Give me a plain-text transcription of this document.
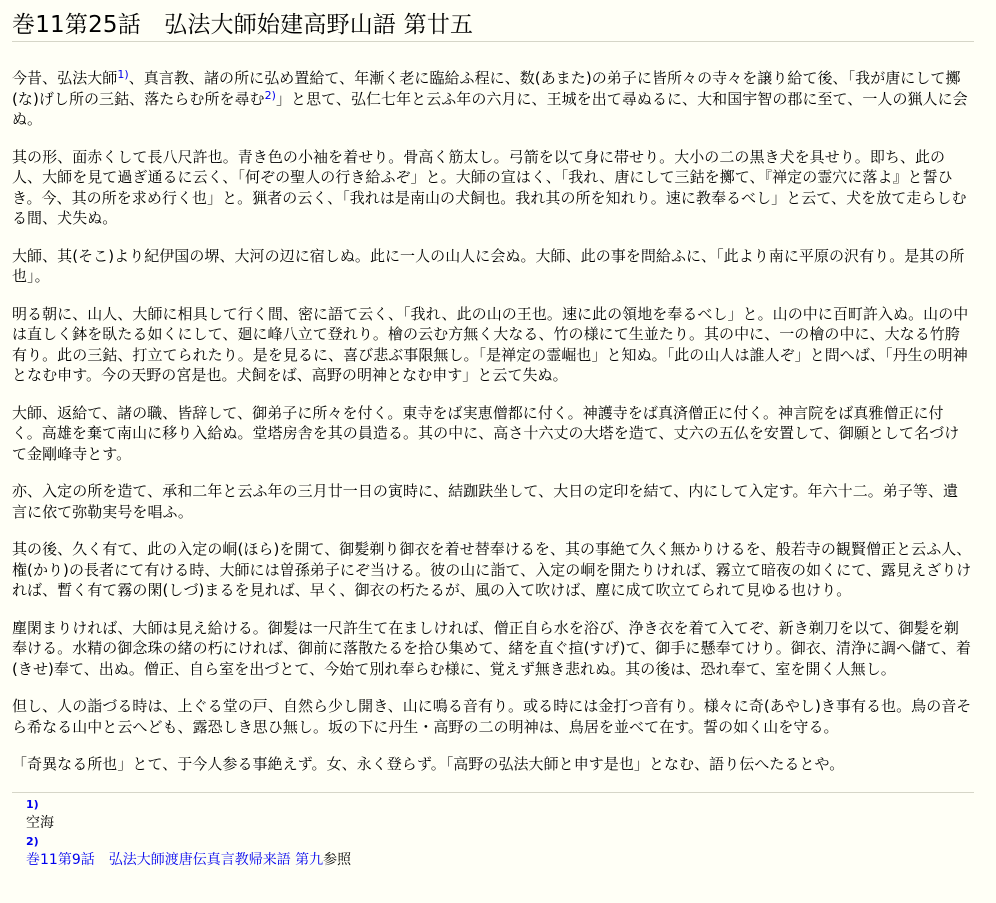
巻11第25話　弘法大師始建高野山語 第廿五

今昔、弘法大師$^{1)}$、真言教、諸の所に弘め置給て、年漸く老に臨給ふ程に、数(あまた)の弟子に皆所々の寺々を譲り給て後、「我が唐にして擲(な)げし所の三鈷、落たらむ所を尋む$^{2)}$」と思て、弘仁七年と云ふ年の六月に、王城を出て尋ぬるに、大和国宇智の郡に至て、一人の猟人に会ぬ。

其の形、面赤くして長八尺許也。青き色の小袖を着せり。骨高く筋太し。弓箭を以て身に帯せり。大小の二の黒き犬を具せり。即ち、此の人、大師を見て過ぎ通るに云く、「何ぞの聖人の行き給ふぞ」と。大師の宣はく、「我れ、唐にして三鈷を擲て、『禅定の霊穴に落よ』と誓ひき。今、其の所を求め行く也」と。猟者の云く、「我れは是南山の犬飼也。我れ其の所を知れり。速に教奉るべし」と云て、犬を放て走らしむる間、犬失ぬ。

大師、其(そこ)より紀伊国の堺、大河の辺に宿しぬ。此に一人の山人に会ぬ。大師、此の事を問給ふに、「此より南に平原の沢有り。是其の所也」。

明る朝に、山人、大師に相具して行く間、密に語て云く、「我れ、此の山の王也。速に此の領地を奉るべし」と。山の中に百町許入ぬ。山の中は直しく鉢を臥たる如くにして、廻に峰八立て登れり。檜の云む方無く大なる、竹の様にて生並たり。其の中に、一の檜の中に、大なる竹胯有り。此の三鈷、打立てられたり。是を見るに、喜び悲ぶ事限無し。「是禅定の霊崛也」と知ぬ。「此の山人は誰人ぞ」と問へば、「丹生の明神となむ申す。今の天野の宮是也。犬飼をば、高野の明神となむ申す」と云て失ぬ。

大師、返給て、諸の職、皆辞して、御弟子に所々を付く。東寺をば実恵僧都に付く。神護寺をば真済僧正に付く。神言院をば真雅僧正に付く。高雄を棄て南山に移り入給ぬ。堂塔房舎を其の員造る。其の中に、高さ十六丈の大塔を造て、丈六の五仏を安置して、御願として名づけて金剛峰寺とす。

亦、入定の所を造て、承和二年と云ふ年の三月廿一日の寅時に、結跏趺坐して、大日の定印を結て、内にして入定す。年六十二。弟子等、遺言に依て弥勒実号を唱ふ。

其の後、久く有て、此の入定の峒(ほら)を開て、御髪剃り御衣を着せ替奉けるを、其の事絶て久く無かりけるを、般若寺の観賢僧正と云ふ人、権(かり)の長者にて有ける時、大師には曽孫弟子にぞ当ける。彼の山に詣て、入定の峒を開たりければ、霧立て暗夜の如くにて、露見えざりければ、暫く有て霧の閑(しづ)まるを見れば、早く、御衣の朽たるが、風の入て吹けば、塵に成て吹立てられて見ゆる也けり。

塵閑まりければ、大師は見え給ける。御髪は一尺許生て在ましければ、僧正自ら水を浴び、浄き衣を着て入てぞ、新き剃刀を以て、御髪を剃奉ける。水精の御念珠の緒の朽にければ、御前に落散たるを拾ひ集めて、緒を直ぐ揎(すげ)て、御手に懸奉てけり。御衣、清浄に調へ儲て、着(きせ)奉て、出ぬ。僧正、自ら室を出づとて、今始て別れ奉らむ様に、覚えず無き悲れぬ。其の後は、恐れ奉て、室を開く人無し。

但し、人の詣づる時は、上ぐる堂の戸、自然ら少し開き、山に鳴る音有り。或る時には金打つ音有り。様々に奇(あやし)き事有る也。鳥の音そら希なる山中と云へども、露恐しき思ひ無し。坂の下に丹生・高野の二の明神は、鳥居を並べて在す。誓の如く山を守る。

「奇異なる所也」とて、于今人参る事絶えず。女、永く登らず。「高野の弘法大師と申す是也」となむ、語り伝へたるとや。

1)
空海
2)
巻11第9話　弘法大師渡唐伝真言教帰来語 第九参照
